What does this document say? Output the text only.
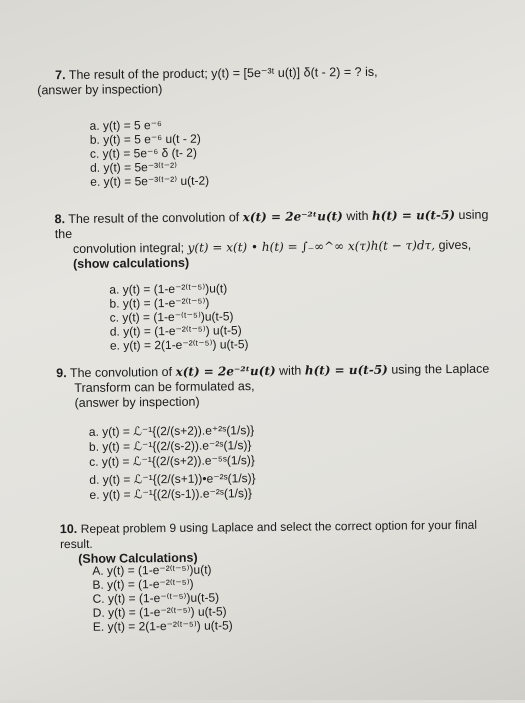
7. The result of the product; y(t) = [5e⁻³ᵗ u(t)] δ(t - 2) = ? is,
(answer by inspection)
a. y(t) = 5 e⁻⁶
b. y(t) = 5 e⁻⁶ u(t - 2)
c. y(t) = 5e⁻⁶ δ (t- 2)
d. y(t) = 5e⁻³⁽ᵗ⁻²⁾
e. y(t) = 5e⁻³⁽ᵗ⁻²⁾ u(t-2)
8. The result of the convolution of x(t) = 2e⁻²ᵗu(t) with h(t) = u(t-5) using the
convolution integral; y(t) = x(t) • h(t) = ∫₋∞^∞ x(τ)h(t − τ)dτ, gives,
(show calculations)
a. y(t) = (1-e⁻²⁽ᵗ⁻⁵⁾)u(t)
b. y(t) = (1-e⁻²⁽ᵗ⁻⁵⁾)
c. y(t) = (1-e⁻⁽ᵗ⁻⁵⁾)u(t-5)
d. y(t) = (1-e⁻²⁽ᵗ⁻⁵⁾) u(t-5)
e. y(t) = 2(1-e⁻²⁽ᵗ⁻⁵⁾) u(t-5)
9. The convolution of x(t) = 2e⁻²ᵗu(t) with h(t) = u(t-5) using the Laplace
Transform can be formulated as,
(answer by inspection)
a. y(t) = ℒ⁻¹{(2/(s+2)).e⁺²ˢ(1/s)}
b. y(t) = ℒ⁻¹{(2/(s-2)).e⁻²ˢ(1/s)}
c. y(t) = ℒ⁻¹{(2/(s+2)).e⁻⁵ˢ(1/s)}
d. y(t) = ℒ⁻¹{(2/(s+1))•e⁻²ˢ(1/s)}
e. y(t) = ℒ⁻¹{(2/(s-1)).e⁻²ˢ(1/s)}
10. Repeat problem 9 using Laplace and select the correct option for your final result.
(Show Calculations)
A. y(t) = (1-e⁻²⁽ᵗ⁻⁵⁾)u(t)
B. y(t) = (1-e⁻²⁽ᵗ⁻⁵⁾)
C. y(t) = (1-e⁻⁽ᵗ⁻⁵⁾)u(t-5)
D. y(t) = (1-e⁻²⁽ᵗ⁻⁵⁾) u(t-5)
E. y(t) = 2(1-e⁻²⁽ᵗ⁻⁵⁾) u(t-5)
